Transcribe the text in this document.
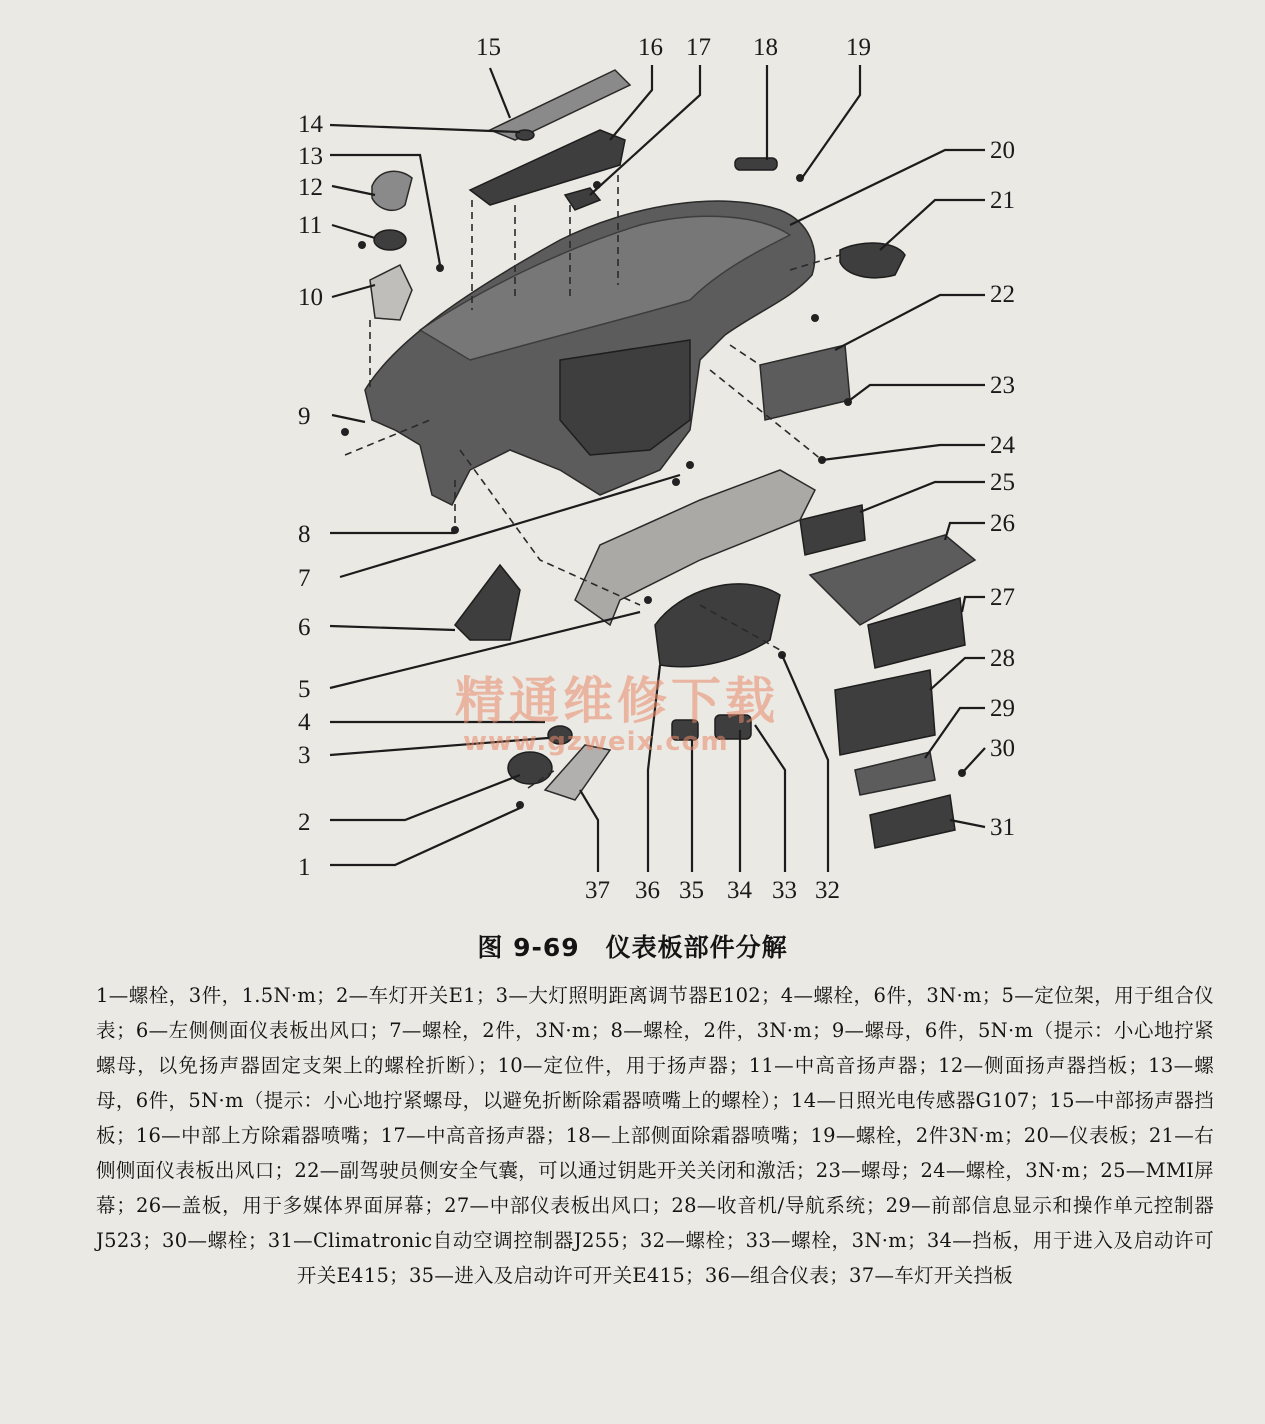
1
2
3
4
5
6
7
8
9
10
11
12
13
14
15	16 17 18	19
20
21
22
23
24
25
26
27
28
29
30
31
32
33
34
35
36
37
精通维修下载
www.gzweix.com
图 9-69　仪表板部件分解
1—螺栓，3件，1.5N·m；2—车灯开关E1；3—大灯照明距离调节器E102；4—螺栓，6件，3N·m；5—定位架，用于组合仪表；6—左侧侧面仪表板出风口；7—螺栓，2件，3N·m；8—螺栓，2件，3N·m；9—螺母，6件，5N·m（提示：小心地拧紧螺母，以免扬声器固定支架上的螺栓折断）；10—定位件，用于扬声器；11—中高音扬声器；12—侧面扬声器挡板；13—螺母，6件，5N·m（提示：小心地拧紧螺母，以避免折断除霜器喷嘴上的螺栓）；14—日照光电传感器G107；15—中部扬声器挡板；16—中部上方除霜器喷嘴；17—中高音扬声器；18—上部侧面除霜器喷嘴；19—螺栓，2件3N·m；20—仪表板；21—右侧侧面仪表板出风口；22—副驾驶员侧安全气囊，可以通过钥匙开关关闭和激活；23—螺母；24—螺栓，3N·m；25—MMI屏幕；26—盖板，用于多媒体界面屏幕；27—中部仪表板出风口；28—收音机/导航系统；29—前部信息显示和操作单元控制器J523；30—螺栓；31—Climatronic自动空调控制器J255；32—螺栓；33—螺栓，3N·m；34—挡板，用于进入及启动许可开关E415；35—进入及启动许可开关E415；36—组合仪表；37—车灯开关挡板
